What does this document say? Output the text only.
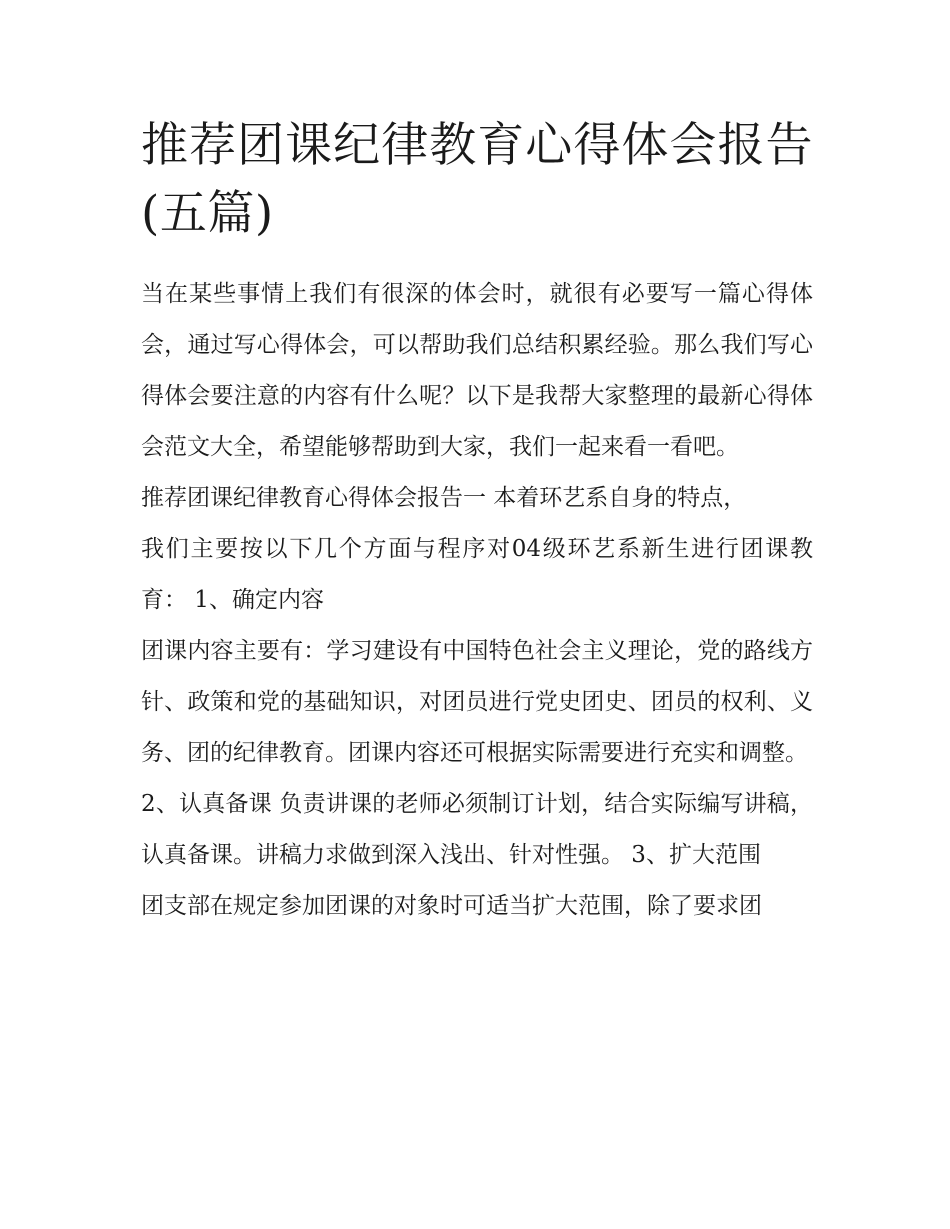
推荐团课纪律教育心得体会报告(五篇)

当在某些事情上我们有很深的体会时，就很有必要写一篇心得体会，通过写心得体会，可以帮助我们总结积累经验。那么我们写心得体会要注意的内容有什么呢？以下是我帮大家整理的最新心得体会范文大全，希望能够帮助到大家，我们一起来看一看吧。

推荐团课纪律教育心得体会报告一 本着环艺系自身的特点，

我们主要按以下几个方面与程序对04级环艺系新生进行团课教育： 1、确定内容

团课内容主要有：学习建设有中国特色社会主义理论，党的路线方针、政策和党的基础知识，对团员进行党史团史、团员的权利、义务、团的纪律教育。团课内容还可根据实际需要进行充实和调整。

2、认真备课 负责讲课的老师必须制订计划，结合实际编写讲稿，认真备课。讲稿力求做到深入浅出、针对性强。 3、扩大范围

团支部在规定参加团课的对象时可适当扩大范围，除了要求团
